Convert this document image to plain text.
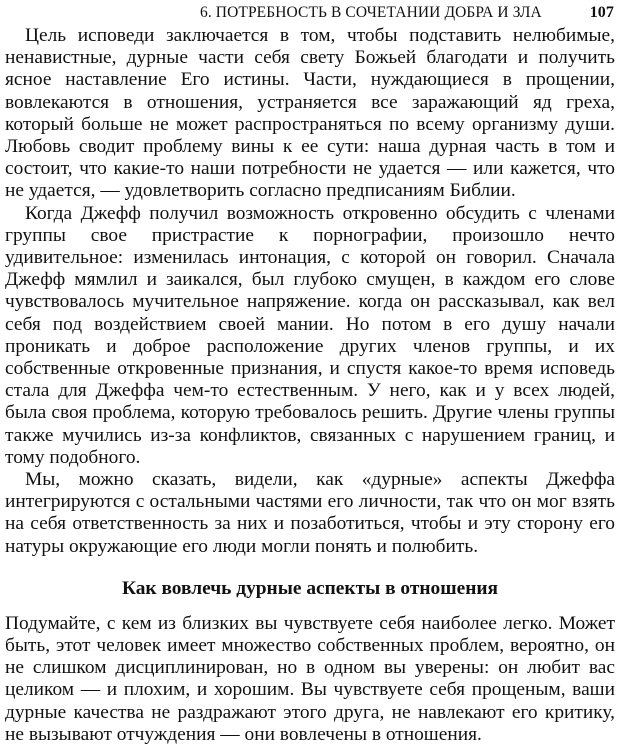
6. ПОТРЕБНОСТЬ В СОЧЕТАНИИ ДОБРА И ЗЛА	107

Цель исповеди заключается в том, чтобы подставить нелюбимые, ненавистные, дурные части себя свету Божьей благодати и получить ясное наставление Его истины. Части, нуждающиеся в прощении, вовлекаются в отношения, устраняется все заражающий яд греха, который больше не может распространяться по всему организму души. Любовь сводит проблему вины к ее сути: наша дурная часть в том и состоит, что какие-то наши потребности не удается — или кажется, что не удается, — удовлетворить согласно предписаниям Библии.

Когда Джефф получил возможность откровенно обсудить с членами группы свое пристрастие к порнографии, произошло нечто удивительное: изменилась интонация, с которой он говорил. Сначала Джефф мямлил и заикался, был глубоко смущен, в каждом его слове чувствовалось мучительное напряжение. когда он рассказывал, как вел себя под воздействием своей мании. Но потом в его душу начали проникать и доброе расположение других членов группы, и их собственные откровенные признания, и спустя какое-то время исповедь стала для Джеффа чем-то естественным. У него, как и у всех людей, была своя проблема, которую требовалось решить. Другие члены группы также мучились из-за конфликтов, связанных с нарушением границ, и тому подобного.

Мы, можно сказать, видели, как «дурные» аспекты Джеффа интегрируются с остальными частями его личности, так что он мог взять на себя ответственность за них и позаботиться, чтобы и эту сторону его натуры окружающие его люди могли понять и полюбить.

Как вовлечь дурные аспекты в отношения

Подумайте, с кем из близких вы чувствуете себя наиболее легко. Может быть, этот человек имеет множество собственных проблем, вероятно, он не слишком дисциплинирован, но в одном вы уверены: он любит вас целиком — и плохим, и хорошим. Вы чувствуете себя прощеным, ваши дурные качества не раздражают этого друга, не навлекают его критику, не вызывают отчуждения — они вовлечены в отношения.
